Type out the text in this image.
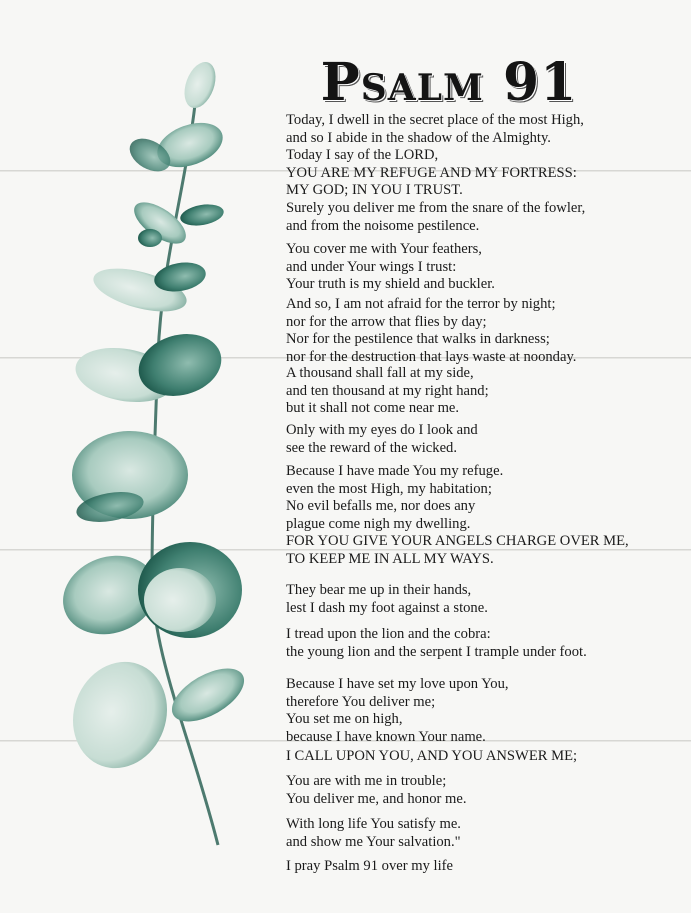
Psalm 91
Today, I dwell in the secret place of the most High,
and so I abide in the shadow of the Almighty.
Today I say of the LORD,
YOU ARE MY REFUGE AND MY FORTRESS:
MY GOD; IN YOU I TRUST.
Surely you deliver me from the snare of the fowler,
and from the noisome pestilence.
You cover me with Your feathers,
and under Your wings I trust:
Your truth is my shield and buckler.
And so, I am not afraid for the terror by night;
nor for the arrow that flies by day;
Nor for the pestilence that walks in darkness;
nor for the destruction that lays waste at noonday.
A thousand shall fall at my side,
and ten thousand at my right hand;
but it shall not come near me.
Only with my eyes do I look and
see the reward of the wicked.
Because I have made You my refuge.
even the most High, my habitation;
No evil befalls me, nor does any
plague come nigh my dwelling.
FOR YOU GIVE YOUR ANGELS CHARGE OVER ME,
TO KEEP ME IN ALL MY WAYS.
They bear me up in their hands,
lest I dash my foot against a stone.
I tread upon the lion and the cobra:
the young lion and the serpent I trample under foot.
Because I have set my love upon You,
therefore You deliver me;
You set me on high,
because I have known Your name.
I CALL UPON YOU, AND YOU ANSWER ME;
You are with me in trouble;
You deliver me, and honor me.
With long life You satisfy me.
and show me Your salvation."
I pray Psalm 91 over my life
